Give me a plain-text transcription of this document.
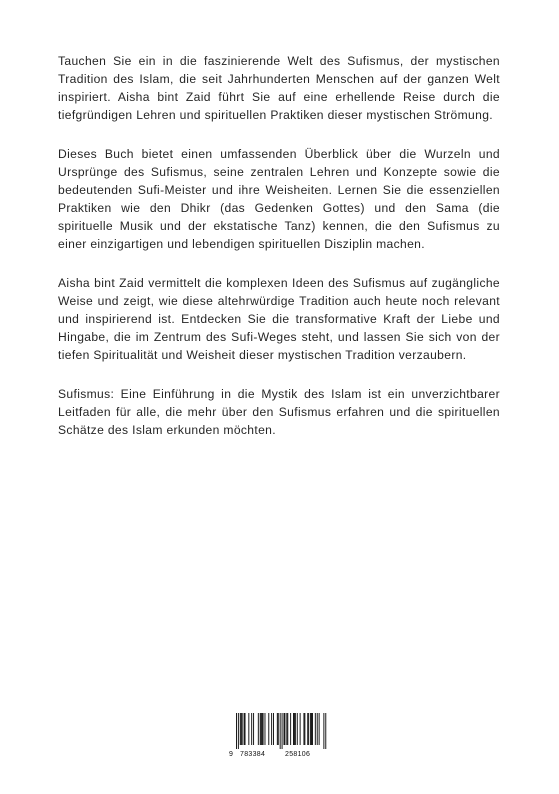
Tauchen Sie ein in die faszinierende Welt des Sufismus, der mystischen Tradition des Islam, die seit Jahrhunderten Menschen auf der ganzen Welt inspiriert. Aisha bint Zaid führt Sie auf eine erhellende Reise durch die tiefgründigen Lehren und spirituellen Praktiken dieser mystischen Strömung.

Dieses Buch bietet einen umfassenden Überblick über die Wurzeln und Ursprünge des Sufismus, seine zentralen Lehren und Konzepte sowie die bedeutenden Sufi-Meister und ihre Weisheiten. Lernen Sie die essenziellen Praktiken wie den Dhikr (das Gedenken Gottes) und den Sama (die spirituelle Musik und der ekstatische Tanz) kennen, die den Sufismus zu einer einzigartigen und lebendigen spirituellen Disziplin machen.

Aisha bint Zaid vermittelt die komplexen Ideen des Sufismus auf zugängliche Weise und zeigt, wie diese altehrwürdige Tradition auch heute noch relevant und inspirierend ist. Entdecken Sie die transformative Kraft der Liebe und Hingabe, die im Zentrum des Sufi-Weges steht, und lassen Sie sich von der tiefen Spiritualität und Weisheit dieser mystischen Tradition verzaubern.

Sufismus: Eine Einführung in die Mystik des Islam ist ein unverzichtbarer Leitfaden für alle, die mehr über den Sufismus erfahren und die spirituellen Schätze des Islam erkunden möchten.

9 783384	258106
